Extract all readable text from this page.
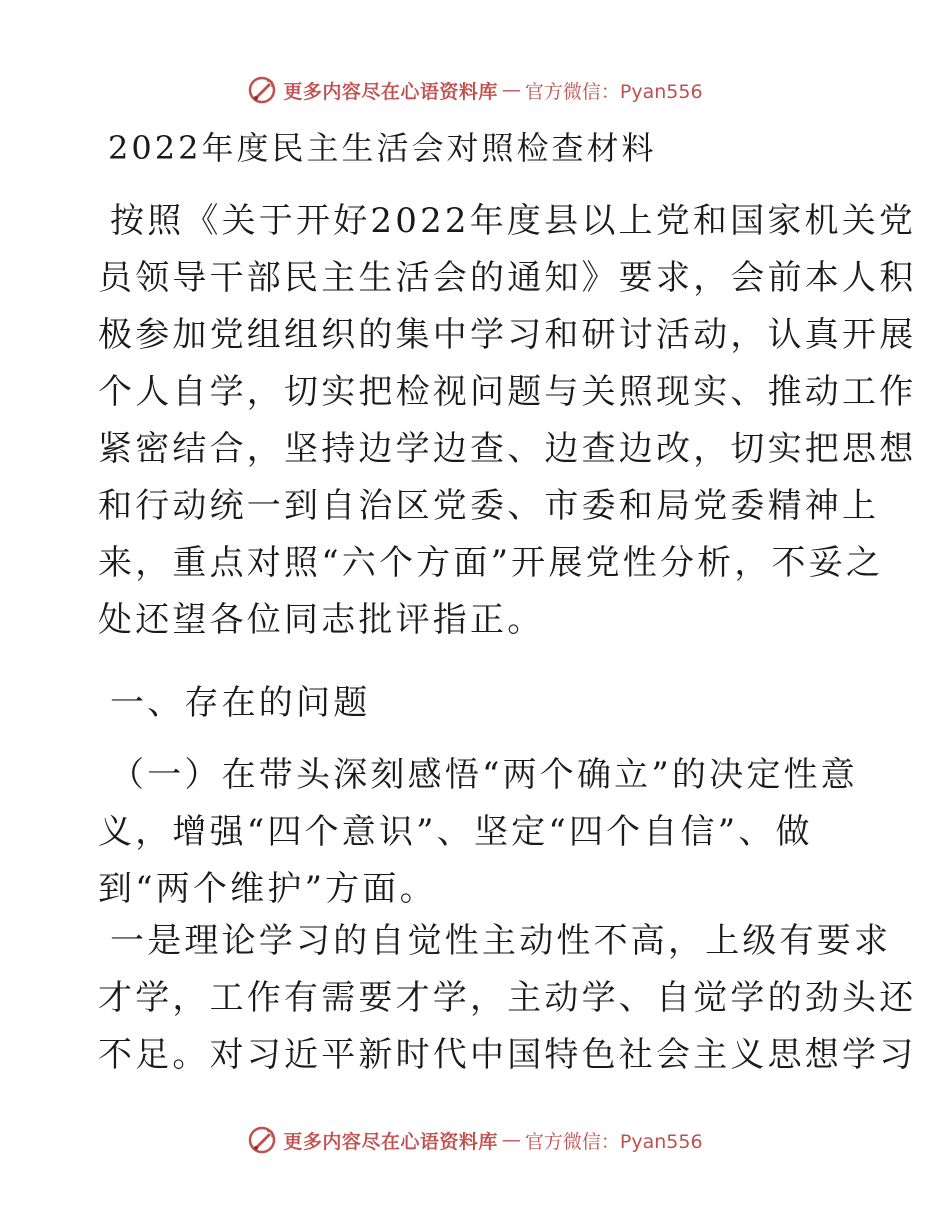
更多内容尽在心语资料库 — 官方微信：Pyan556
2022年度民主生活会对照检查材料
按照《关于开好2022年度县以上党和国家机关党
员领导干部民主生活会的通知》要求，会前本人积
极参加党组组织的集中学习和研讨活动，认真开展
个人自学，切实把检视问题与关照现实、推动工作
紧密结合，坚持边学边查、边查边改，切实把思想
和行动统一到自治区党委、市委和局党委精神上
来，重点对照“六个方面”开展党性分析，不妥之
处还望各位同志批评指正。
一、存在的问题
（一）在带头深刻感悟“两个确立”的决定性意
义，增强“四个意识”、坚定“四个自信”、做
到“两个维护”方面。
一是理论学习的自觉性主动性不高，上级有要求
才学，工作有需要才学，主动学、自觉学的劲头还
不足。对习近平新时代中国特色社会主义思想学习
更多内容尽在心语资料库 — 官方微信：Pyan556
